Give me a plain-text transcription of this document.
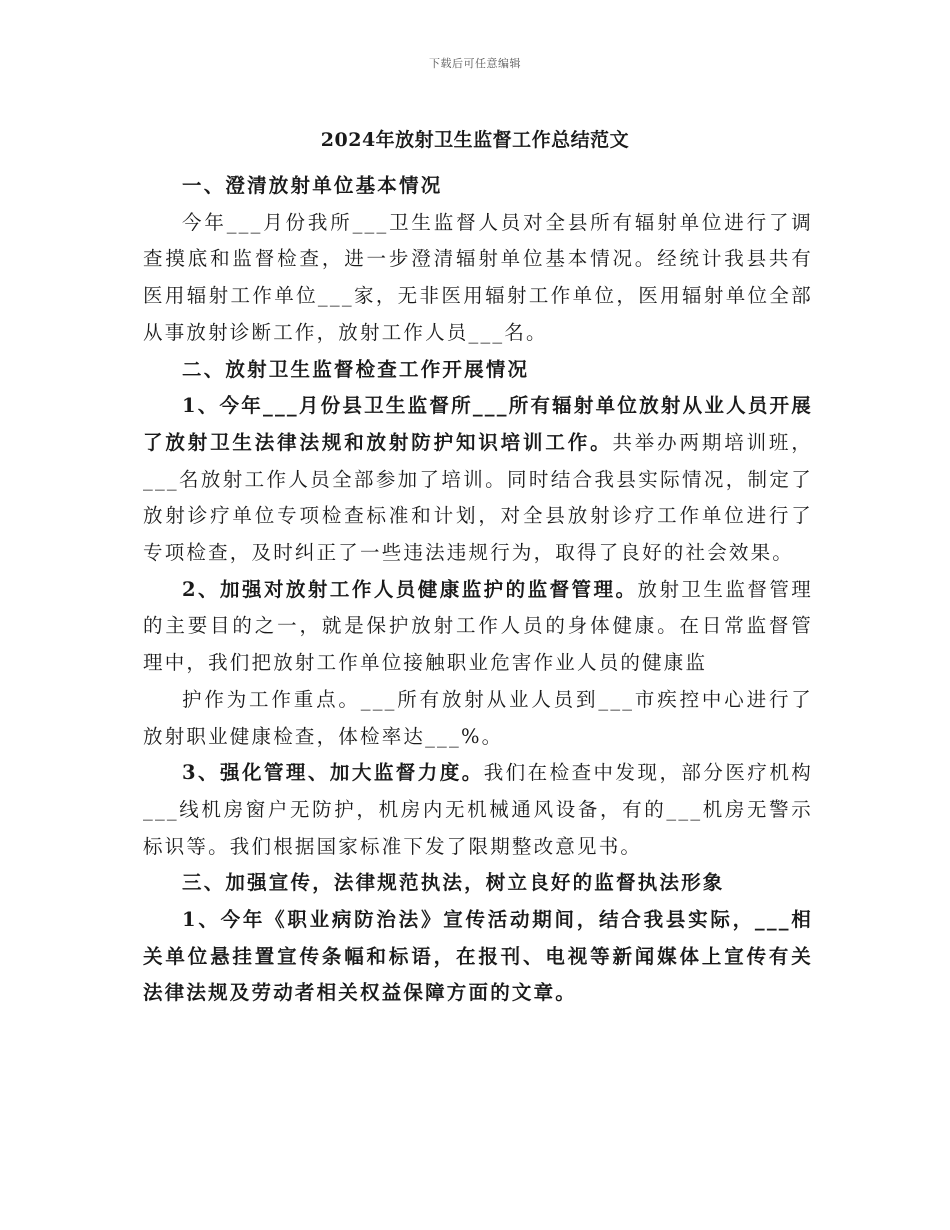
下载后可任意编辑
2024年放射卫生监督工作总结范文

一、澄清放射单位基本情况

今年___月份我所___卫生监督人员对全县所有辐射单位进行了调查摸底和监督检查，进一步澄清辐射单位基本情况。经统计我县共有医用辐射工作单位___家，无非医用辐射工作单位，医用辐射单位全部从事放射诊断工作，放射工作人员___名。

二、放射卫生监督检查工作开展情况

1、今年___月份县卫生监督所___所有辐射单位放射从业人员开展了放射卫生法律法规和放射防护知识培训工作。共举办两期培训班，___名放射工作人员全部参加了培训。同时结合我县实际情况，制定了放射诊疗单位专项检查标准和计划，对全县放射诊疗工作单位进行了专项检查，及时纠正了一些违法违规行为，取得了良好的社会效果。

2、加强对放射工作人员健康监护的监督管理。放射卫生监督管理的主要目的之一，就是保护放射工作人员的身体健康。在日常监督管理中，我们把放射工作单位接触职业危害作业人员的健康监

护作为工作重点。___所有放射从业人员到___市疾控中心进行了放射职业健康检查，体检率达___%。

3、强化管理、加大监督力度。我们在检查中发现，部分医疗机构___线机房窗户无防护，机房内无机械通风设备，有的___机房无警示标识等。我们根据国家标准下发了限期整改意见书。

三、加强宣传，法律规范执法，树立良好的监督执法形象

1、今年《职业病防治法》宣传活动期间，结合我县实际，___相关单位悬挂置宣传条幅和标语，在报刊、电视等新闻媒体上宣传有关法律法规及劳动者相关权益保障方面的文章。
